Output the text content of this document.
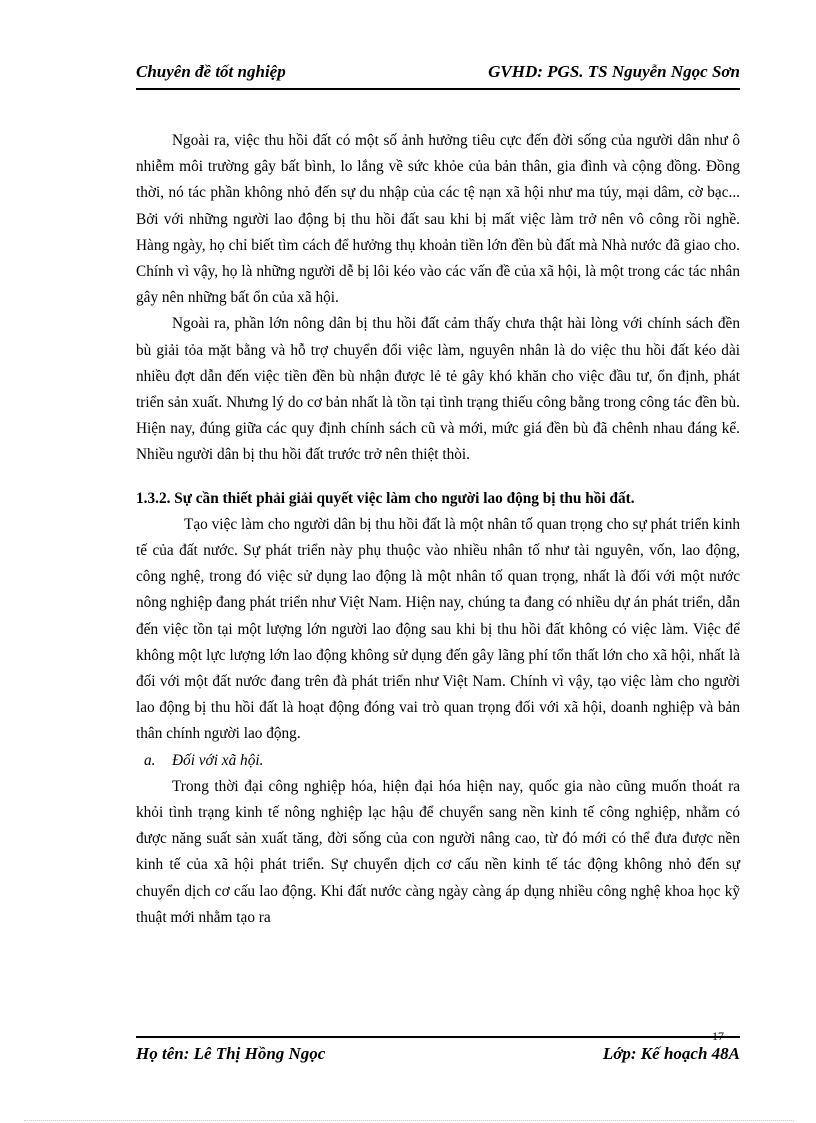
Chuyên đề tốt nghiệp	GVHD: PGS. TS Nguyễn Ngọc Sơn

Ngoài ra, việc thu hồi đất có một số ảnh hưởng tiêu cực đến đời sống của người dân như ô nhiễm môi trường gây bất bình, lo lắng về sức khỏe của bản thân, gia đình và cộng đồng. Đồng thời, nó tác phần không nhỏ đến sự du nhập của các tệ nạn xã hội như ma túy, mại dâm, cờ bạc... Bởi với những người lao động bị thu hồi đất sau khi bị mất việc làm trở nên vô công rồi nghề. Hàng ngày, họ chỉ biết tìm cách để hưởng thụ khoản tiền lớn đền bù đất mà Nhà nước đã giao cho. Chính vì vậy, họ là những người dễ bị lôi kéo vào các vấn đề của xã hội, là một trong các tác nhân gây nên những bất ổn của xã hội.

Ngoài ra, phần lớn nông dân bị thu hồi đất cảm thấy chưa thật hài lòng với chính sách đền bù giải tỏa mặt bằng và hỗ trợ chuyển đổi việc làm, nguyên nhân là do việc thu hồi đất kéo dài nhiều đợt dẫn đến việc tiền đền bù nhận được lẻ tẻ gây khó khăn cho việc đầu tư, ổn định, phát triển sản xuất. Nhưng lý do cơ bản nhất là tồn tại tình trạng thiếu công bằng trong công tác đền bù. Hiện nay, đúng giữa các quy định chính sách cũ và mới, mức giá đền bù đã chênh nhau đáng kể. Nhiều người dân bị thu hồi đất trước trở nên thiệt thòi.

1.3.2. Sự cần thiết phải giải quyết việc làm cho người lao động bị thu hồi đất.

Tạo việc làm cho người dân bị thu hồi đất là một nhân tố quan trọng cho sự phát triển kinh tế của đất nước. Sự phát triển này phụ thuộc vào nhiều nhân tố như tài nguyên, vốn, lao động, công nghệ, trong đó việc sử dụng lao động là một nhân tố quan trọng, nhất là đối với một nước nông nghiệp đang phát triển như Việt Nam. Hiện nay, chúng ta đang có nhiều dự án phát triển, dẫn đến việc tồn tại một lượng lớn người lao động sau khi bị thu hồi đất không có việc làm. Việc để không một lực lượng lớn lao động không sử dụng đến gây lãng phí tổn thất lớn cho xã hội, nhất là đối với một đất nước đang trên đà phát triển như Việt Nam. Chính vì vậy, tạo việc làm cho người lao động bị thu hồi đất là hoạt động đóng vai trò quan trọng đối với xã hội, doanh nghiệp và bản thân chính người lao động.

a. Đối với xã hội.

Trong thời đại công nghiệp hóa, hiện đại hóa hiện nay, quốc gia nào cũng muốn thoát ra khỏi tình trạng kinh tế nông nghiệp lạc hậu để chuyển sang nền kinh tế công nghiệp, nhằm có được năng suất sản xuất tăng, đời sống của con người nâng cao, từ đó mới có thể đưa được nền kinh tế của xã hội phát triển. Sự chuyển dịch cơ cấu nền kinh tế tác động không nhỏ đến sự chuyển dịch cơ cấu lao động. Khi đất nước càng ngày càng áp dụng nhiều công nghệ khoa học kỹ thuật mới nhằm tạo ra

17
Họ tên: Lê Thị Hồng Ngọc	Lớp: Kế hoạch 48A
